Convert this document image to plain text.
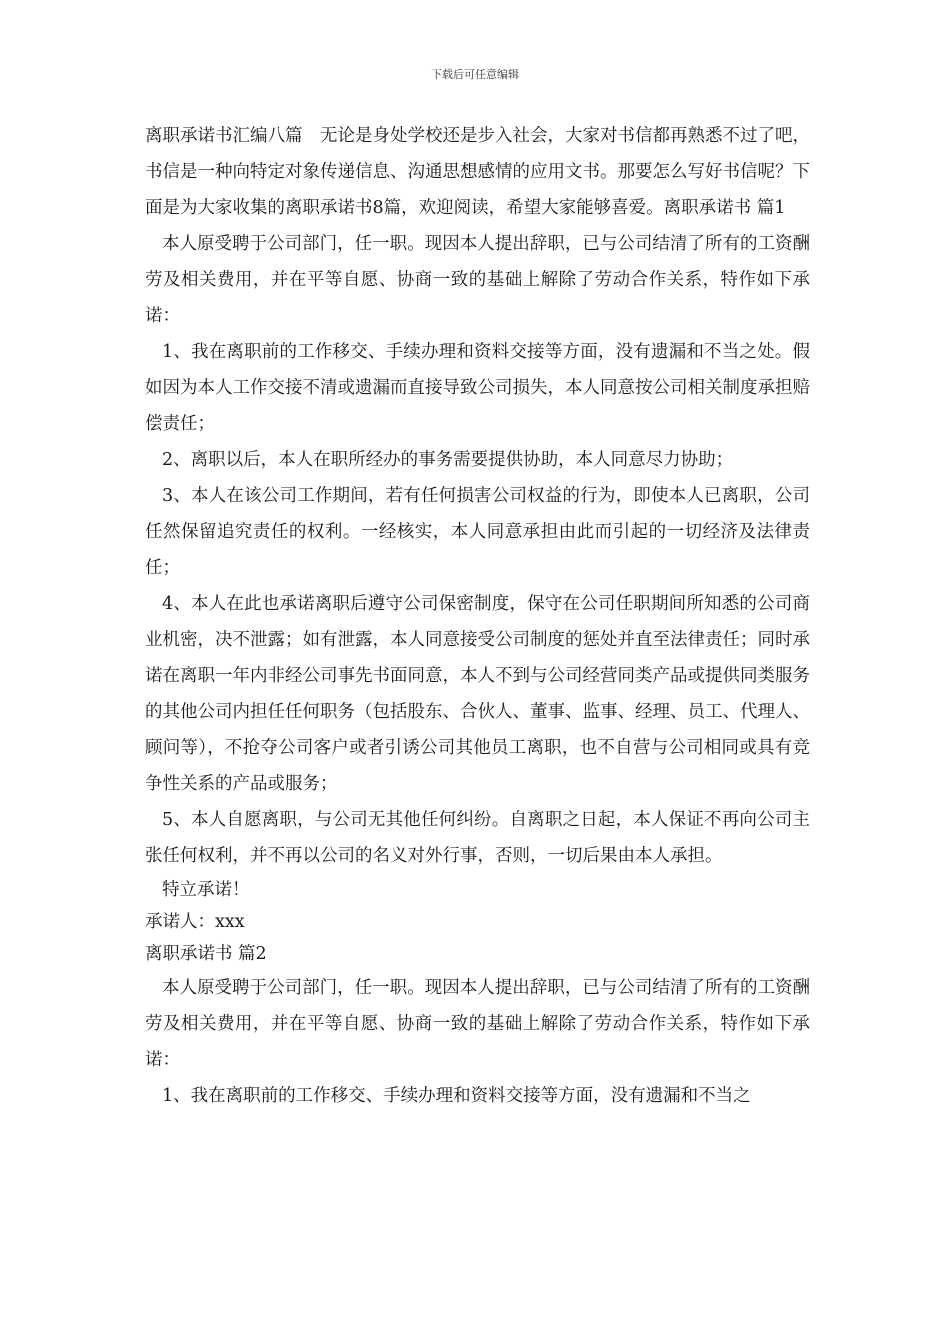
下载后可任意编辑

离职承诺书汇编八篇　无论是身处学校还是步入社会，大家对书信都再熟悉不过了吧，书信是一种向特定对象传递信息、沟通思想感情的应用文书。那要怎么写好书信呢？下面是为大家收集的离职承诺书8篇，欢迎阅读，希望大家能够喜爱。离职承诺书 篇1

本人原受聘于公司部门，任一职。现因本人提出辞职，已与公司结清了所有的工资酬劳及相关费用，并在平等自愿、协商一致的基础上解除了劳动合作关系，特作如下承诺：

1、我在离职前的工作移交、手续办理和资料交接等方面，没有遗漏和不当之处。假如因为本人工作交接不清或遗漏而直接导致公司损失，本人同意按公司相关制度承担赔偿责任；

2、离职以后，本人在职所经办的事务需要提供协助，本人同意尽力协助；

3、本人在该公司工作期间，若有任何损害公司权益的行为，即使本人已离职，公司任然保留追究责任的权利。一经核实，本人同意承担由此而引起的一切经济及法律责任；

4、本人在此也承诺离职后遵守公司保密制度，保守在公司任职期间所知悉的公司商业机密，决不泄露；如有泄露，本人同意接受公司制度的惩处并直至法律责任；同时承诺在离职一年内非经公司事先书面同意，本人不到与公司经营同类产品或提供同类服务的其他公司内担任任何职务（包括股东、合伙人、董事、监事、经理、员工、代理人、顾问等），不抢夺公司客户或者引诱公司其他员工离职，也不自营与公司相同或具有竞争性关系的产品或服务；

5、本人自愿离职，与公司无其他任何纠纷。自离职之日起，本人保证不再向公司主张任何权利，并不再以公司的名义对外行事，否则，一切后果由本人承担。

特立承诺！

承诺人：xxx

离职承诺书 篇2

本人原受聘于公司部门，任一职。现因本人提出辞职，已与公司结清了所有的工资酬劳及相关费用，并在平等自愿、协商一致的基础上解除了劳动合作关系，特作如下承诺：

1、我在离职前的工作移交、手续办理和资料交接等方面，没有遗漏和不当之
